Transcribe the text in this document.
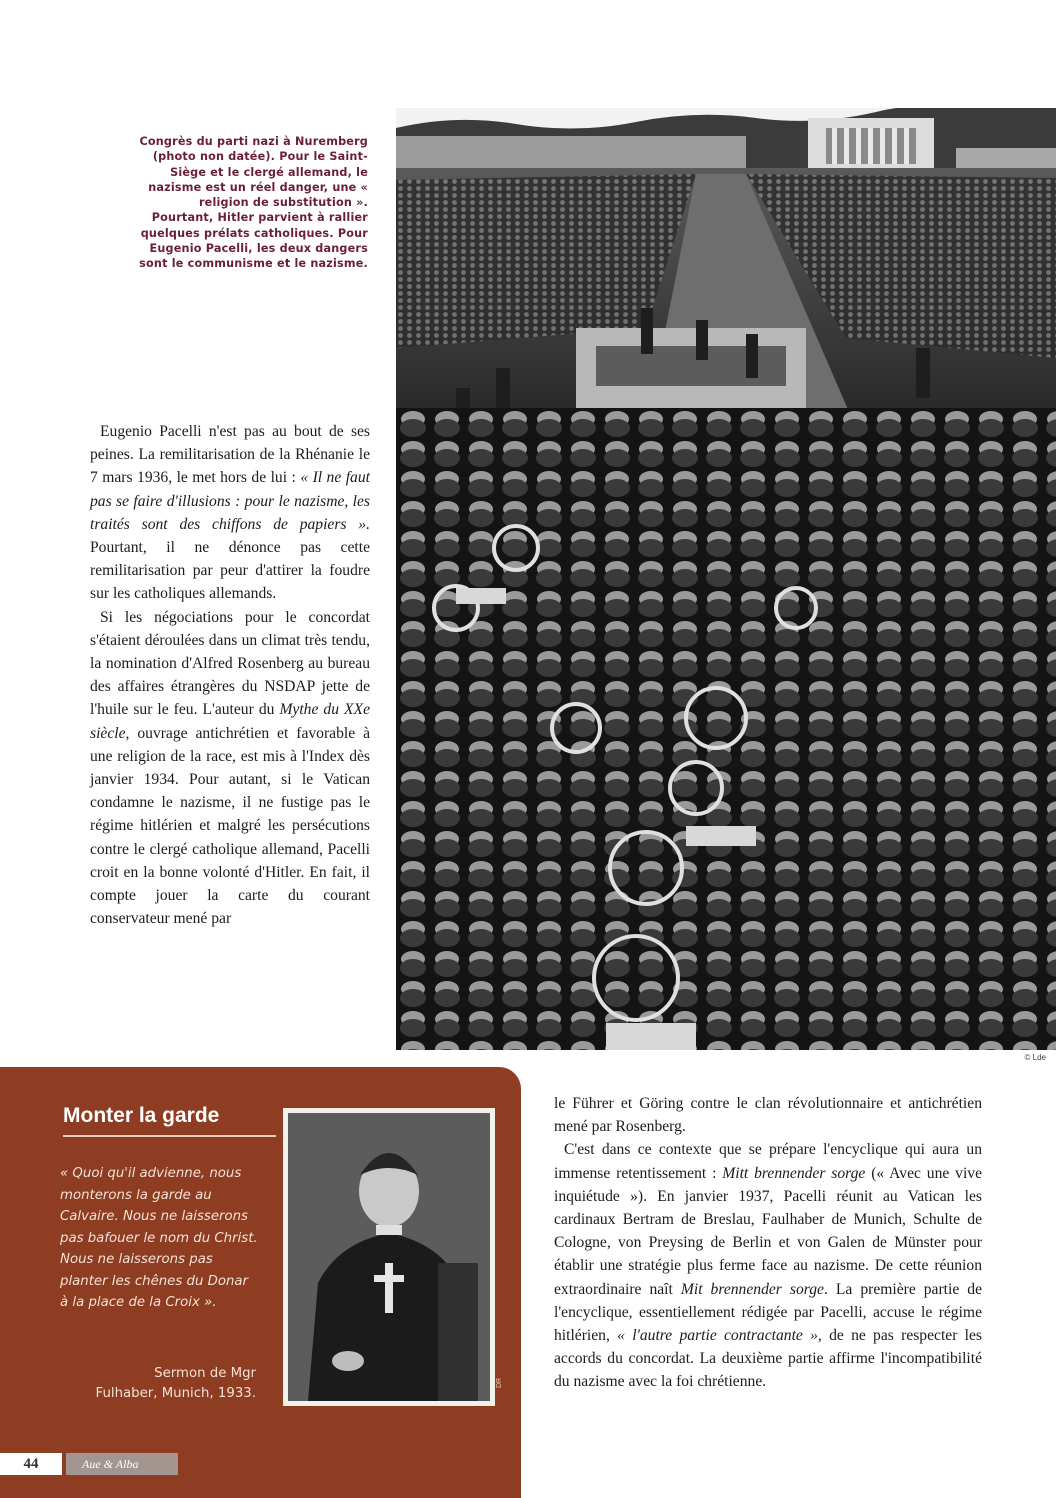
© Lde
Congrès du parti nazi à Nuremberg (photo non datée). Pour le Saint-Siège et le clergé allemand, le nazisme est un réel danger, une « religion de substitution ». Pourtant, Hitler parvient à rallier quelques prélats catholiques. Pour Eugenio Pacelli, les deux dangers sont le communisme et le nazisme.

Eugenio Pacelli n'est pas au bout de ses peines. La remilitarisation de la Rhénanie le 7 mars 1936, le met hors de lui : « Il ne faut pas se faire d'illusions : pour le nazisme, les traités sont des chiffons de papiers ». Pourtant, il ne dénonce pas cette remilitarisation par peur d'attirer la foudre sur les catholiques allemands.

Si les négociations pour le concordat s'étaient déroulées dans un climat très tendu, la nomination d'Alfred Rosenberg au bureau des affaires étrangères du NSDAP jette de l'huile sur le feu. L'auteur du Mythe du XXe siècle, ouvrage antichrétien et favorable à une religion de la race, est mis à l'Index dès janvier 1934. Pour autant, si le Vatican condamne le nazisme, il ne fustige pas le régime hitlérien et malgré les persécutions contre le clergé catholique allemand, Pacelli croit en la bonne volonté d'Hitler. En fait, il compte jouer la carte du courant conservateur mené par

Monter la garde
« Quoi qu'il advienne, nous monterons la garde au Calvaire. Nous ne laisserons pas bafouer le nom du Christ. Nous ne laisserons pas planter les chênes du Donar à la place de la Croix ».
Sermon de Mgr
Fulhaber, Munich, 1933.
DR

le Führer et Göring contre le clan révolutionnaire et antichrétien mené par Rosenberg.

C'est dans ce contexte que se prépare l'encyclique qui aura un immense retentissement : Mitt brennender sorge (« Avec une vive inquiétude »). En janvier 1937, Pacelli réunit au Vatican les cardinaux Bertram de Breslau, Faulhaber de Munich, Schulte de Cologne, von Preysing de Berlin et von Galen de Münster pour établir une stratégie plus ferme face au nazisme. De cette réunion extraordinaire naît Mit brennender sorge. La première partie de l'encyclique, essentiellement rédigée par Pacelli, accuse le régime hitlérien, « l'autre partie contractante », de ne pas respecter les accords du concordat. La deuxième partie affirme l'incompatibilité du nazisme avec la foi chrétienne.

44	Aue & Alba
